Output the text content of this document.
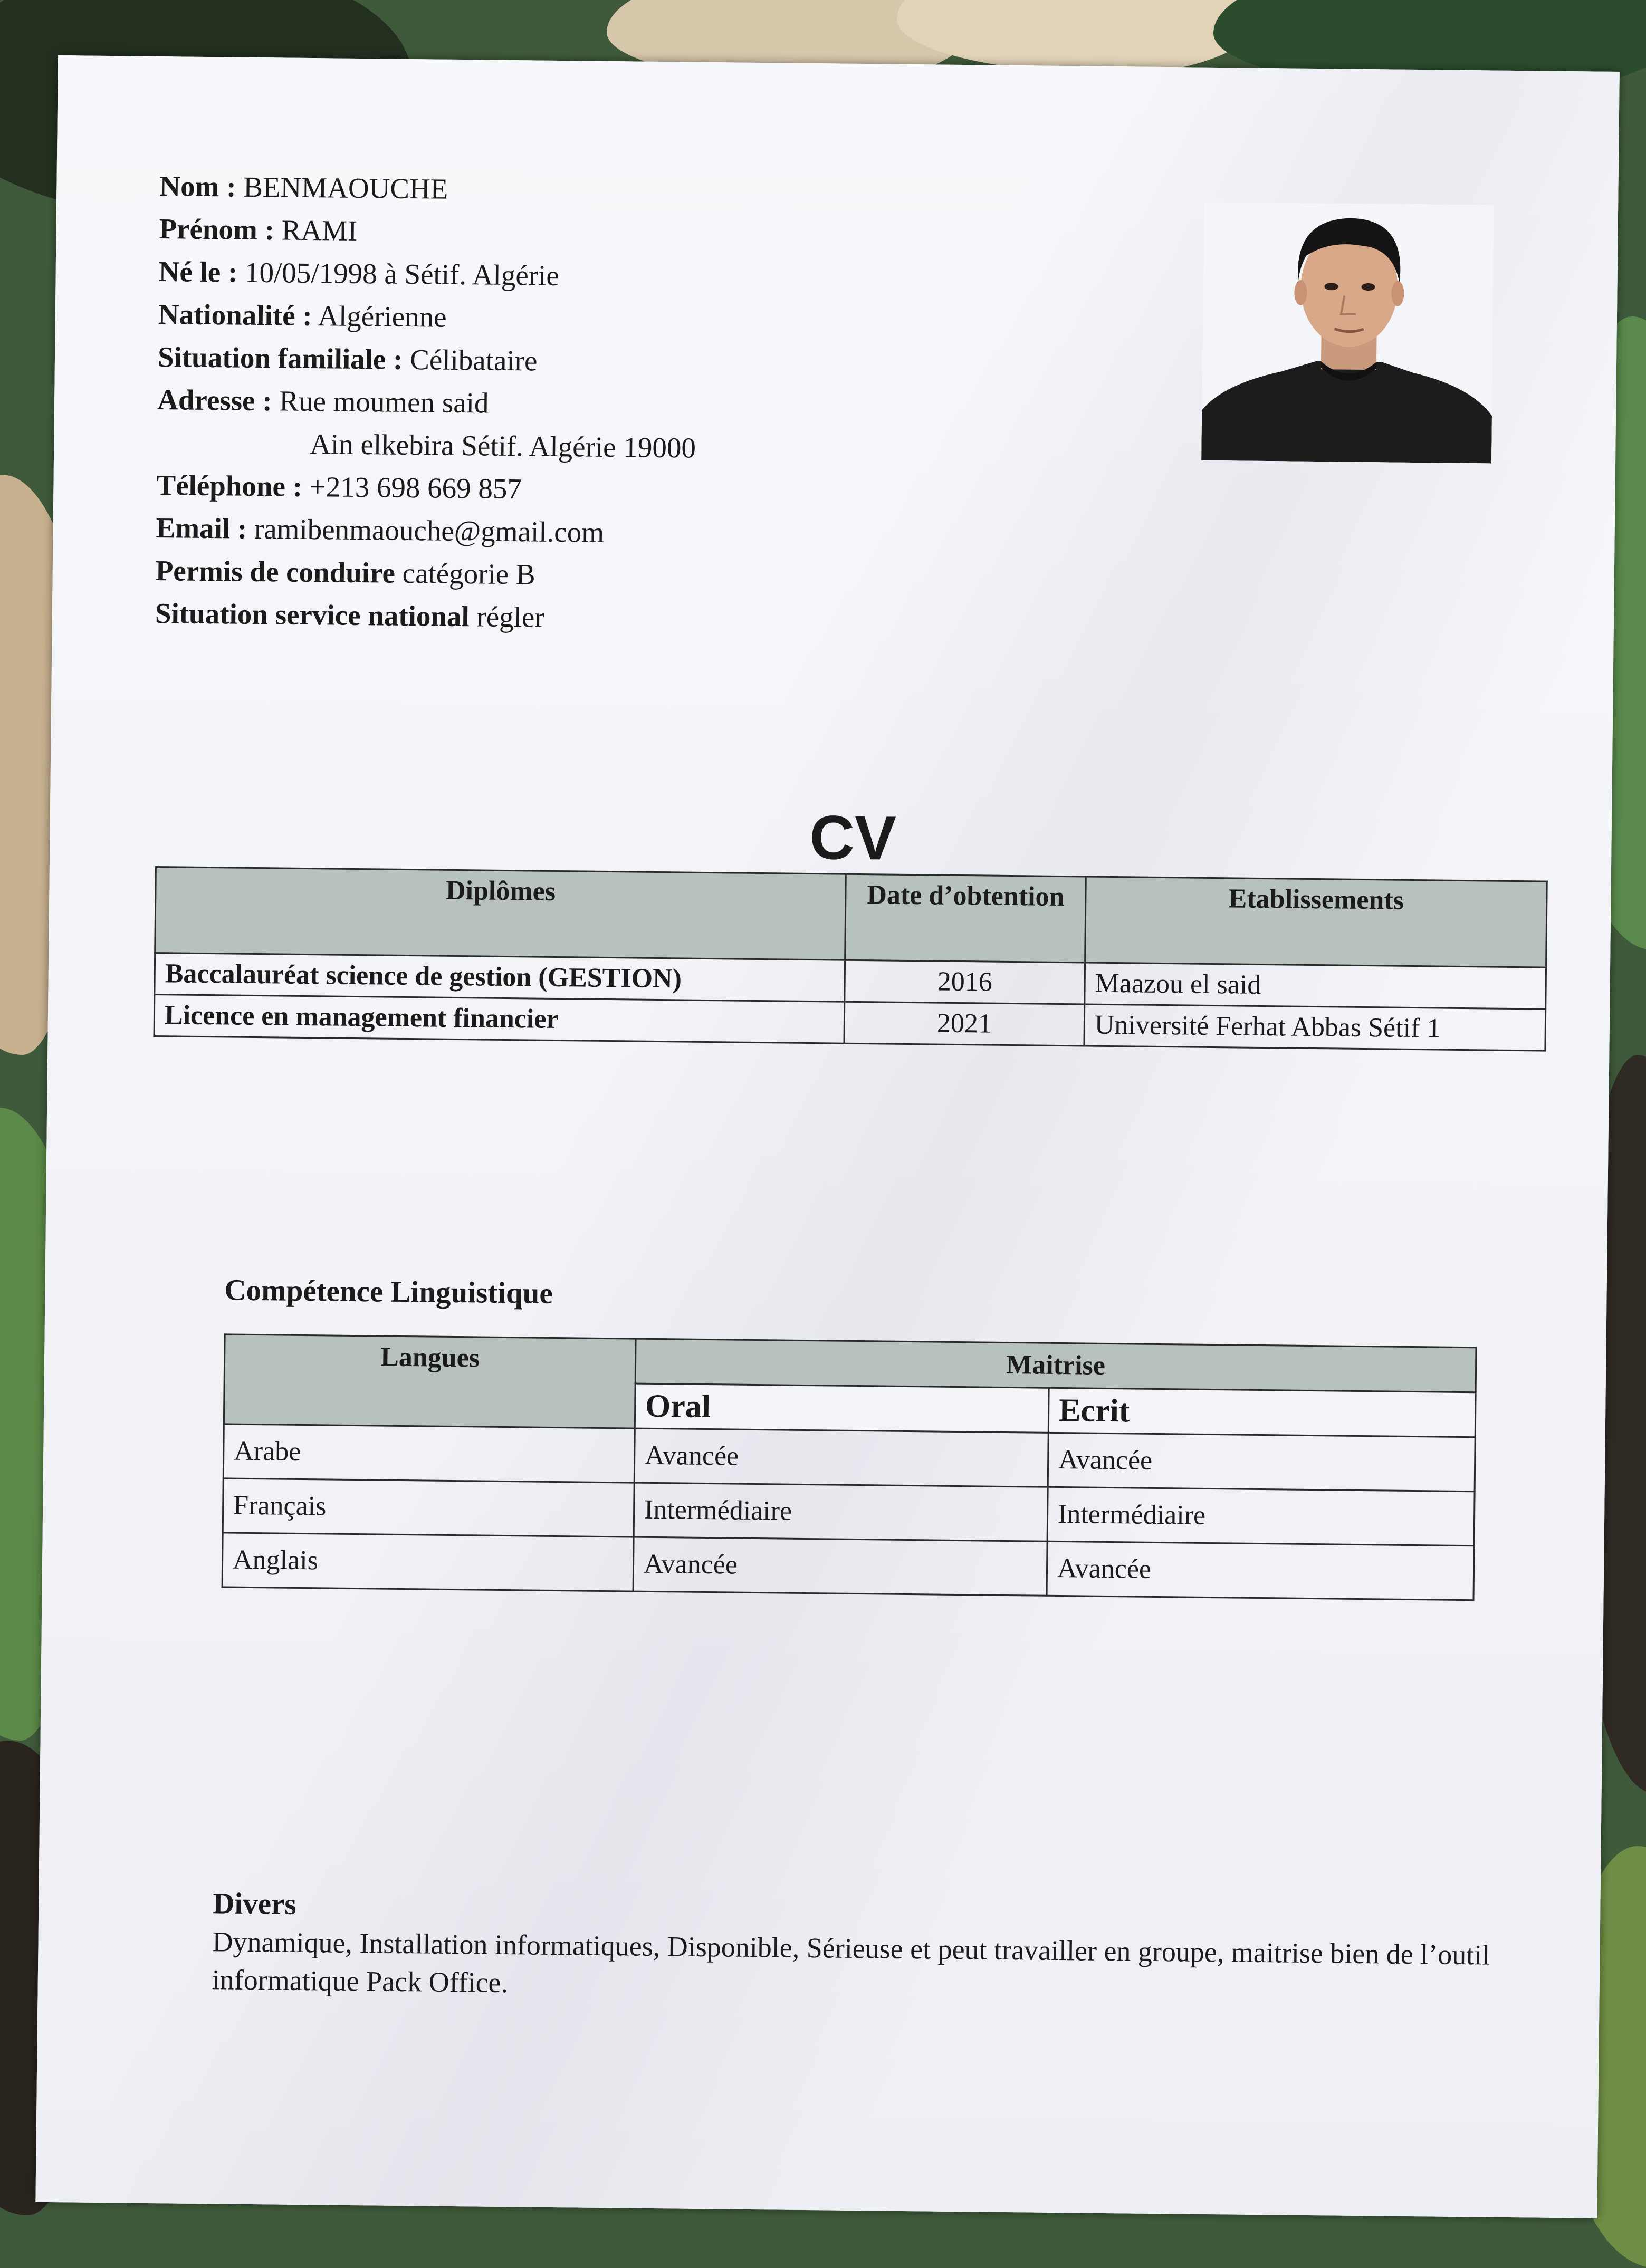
Nom : BENMAOUCHE
Prénom : RAMI
Né le : 10/05/1998 à Sétif. Algérie
Nationalité : Algérienne
Situation familiale : Célibataire
Adresse : Rue moumen said
Ain elkebira Sétif. Algérie 19000
Téléphone : +213 698 669 857
Email : ramibenmaouche@gmail.com
Permis de conduire catégorie B
Situation service national régler
CV
Diplômes	Date d’obtention	Etablissements
Baccalauréat science de gestion (GESTION)	2016	Maazou el said
Licence en management financier	2021	Université Ferhat Abbas Sétif 1
Compétence Linguistique
Langues	Maitrise	
	Oral	Ecrit
Arabe	Avancée	Avancée
Français	Intermédiaire	Intermédiaire
Anglais	Avancée	Avancée
Divers
Dynamique, Installation informatiques, Disponible, Sérieuse et peut travailler en groupe, maitrise bien de l’outil informatique Pack Office.
